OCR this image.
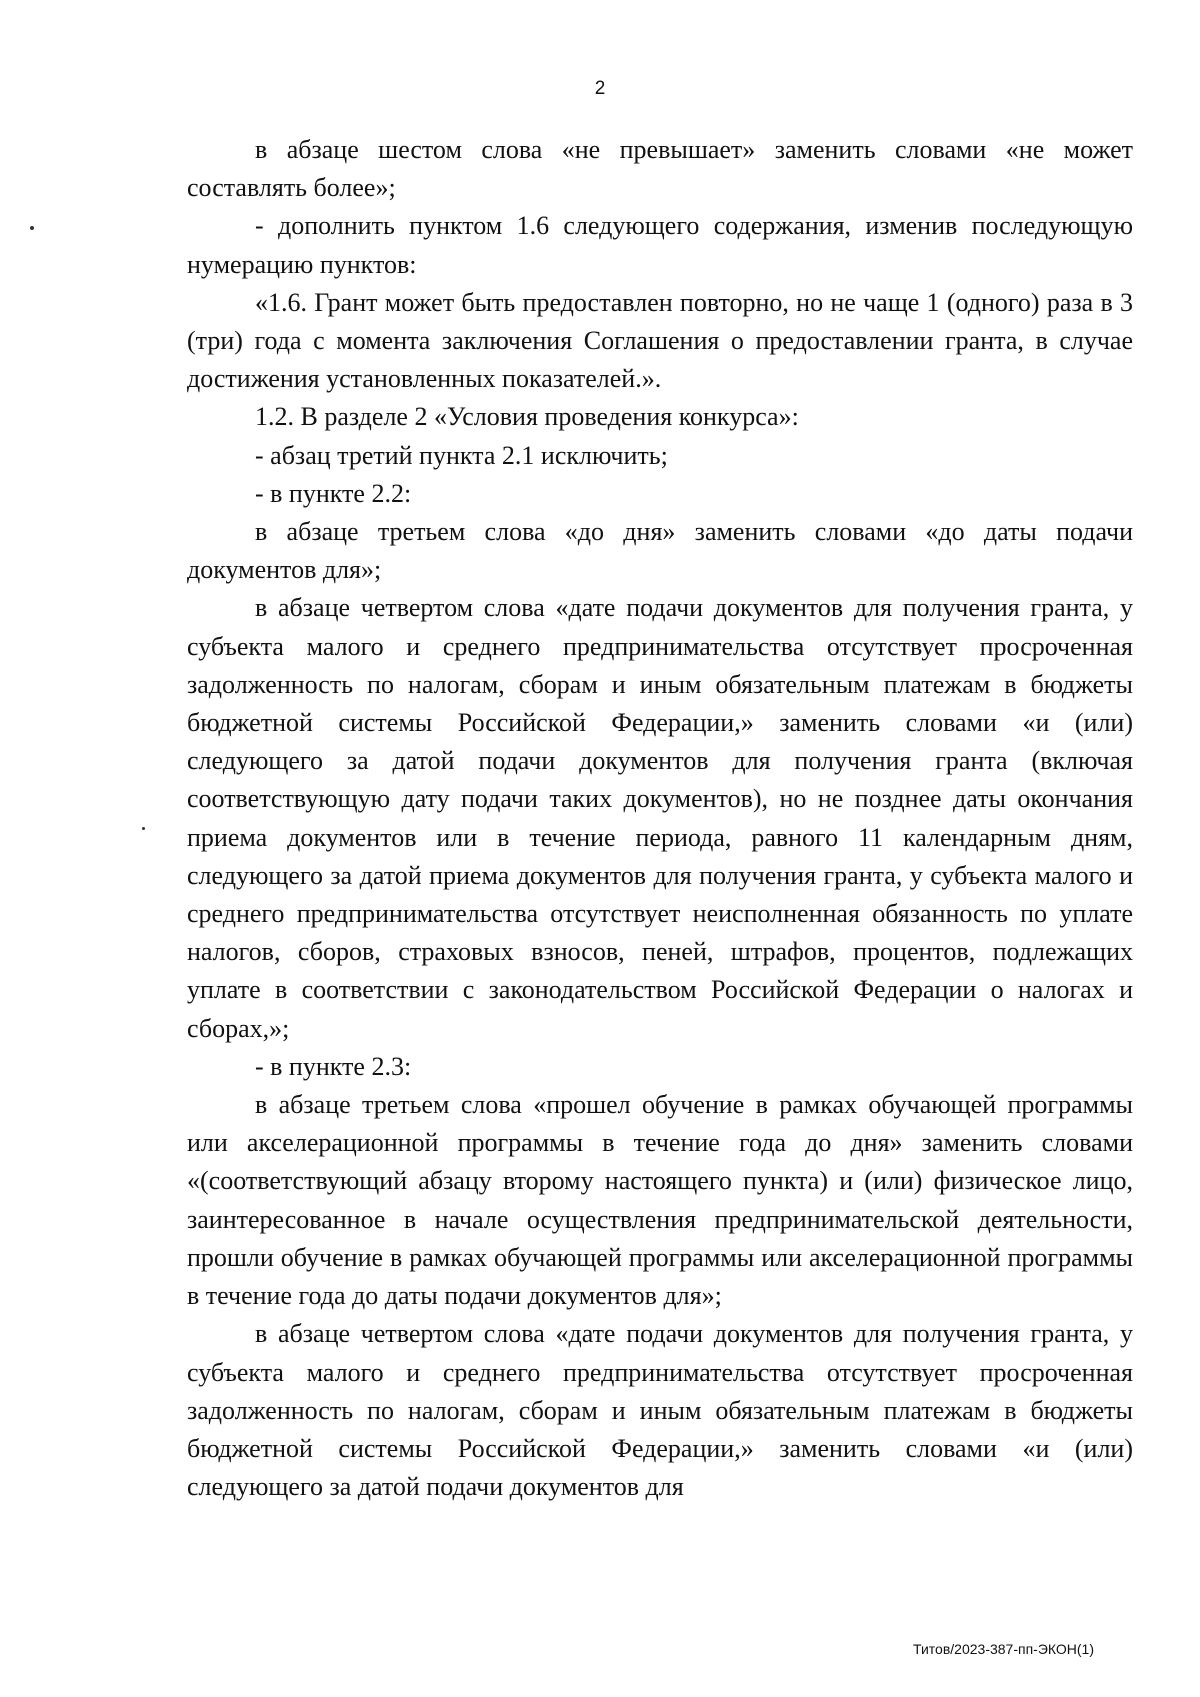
2

в абзаце шестом слова «не превышает» заменить словами «не может составлять более»;

- дополнить пунктом 1.6 следующего содержания, изменив последующую нумерацию пунктов:

«1.6. Грант может быть предоставлен повторно, но не чаще 1 (одного) раза в 3 (три) года с момента заключения Соглашения о предоставлении гранта, в случае достижения установленных показателей.».

1.2. В разделе 2 «Условия проведения конкурса»:

- абзац третий пункта 2.1 исключить;

- в пункте 2.2:

в абзаце третьем слова «до дня» заменить словами «до даты подачи документов для»;

в абзаце четвертом слова «дате подачи документов для получения гранта, у субъекта малого и среднего предпринимательства отсутствует просроченная задолженность по налогам, сборам и иным обязательным платежам в бюджеты бюджетной системы Российской Федерации,» заменить словами «и (или) следующего за датой подачи документов для получения гранта (включая соответствующую дату подачи таких документов), но не позднее даты окончания приема документов или в течение периода, равного 11 календарным дням, следующего за датой приема документов для получения гранта, у субъекта малого и среднего предпринимательства отсутствует неисполненная обязанность по уплате налогов, сборов, страховых взносов, пеней, штрафов, процентов, подлежащих уплате в соответствии с законодательством Российской Федерации о налогах и сборах,»;

- в пункте 2.3:

в абзаце третьем слова «прошел обучение в рамках обучающей программы или акселерационной программы в течение года до дня» заменить словами «(соответствующий абзацу второму настоящего пункта) и (или) физическое лицо, заинтересованное в начале осуществления предпринимательской деятельности, прошли обучение в рамках обучающей программы или акселерационной программы в течение года до даты подачи документов для»;

в абзаце четвертом слова «дате подачи документов для получения гранта, у субъекта малого и среднего предпринимательства отсутствует просроченная задолженность по налогам, сборам и иным обязательным платежам в бюджеты бюджетной системы Российской Федерации,» заменить словами «и (или) следующего за датой подачи документов для

Титов/2023-387-пп-ЭКОН(1)
